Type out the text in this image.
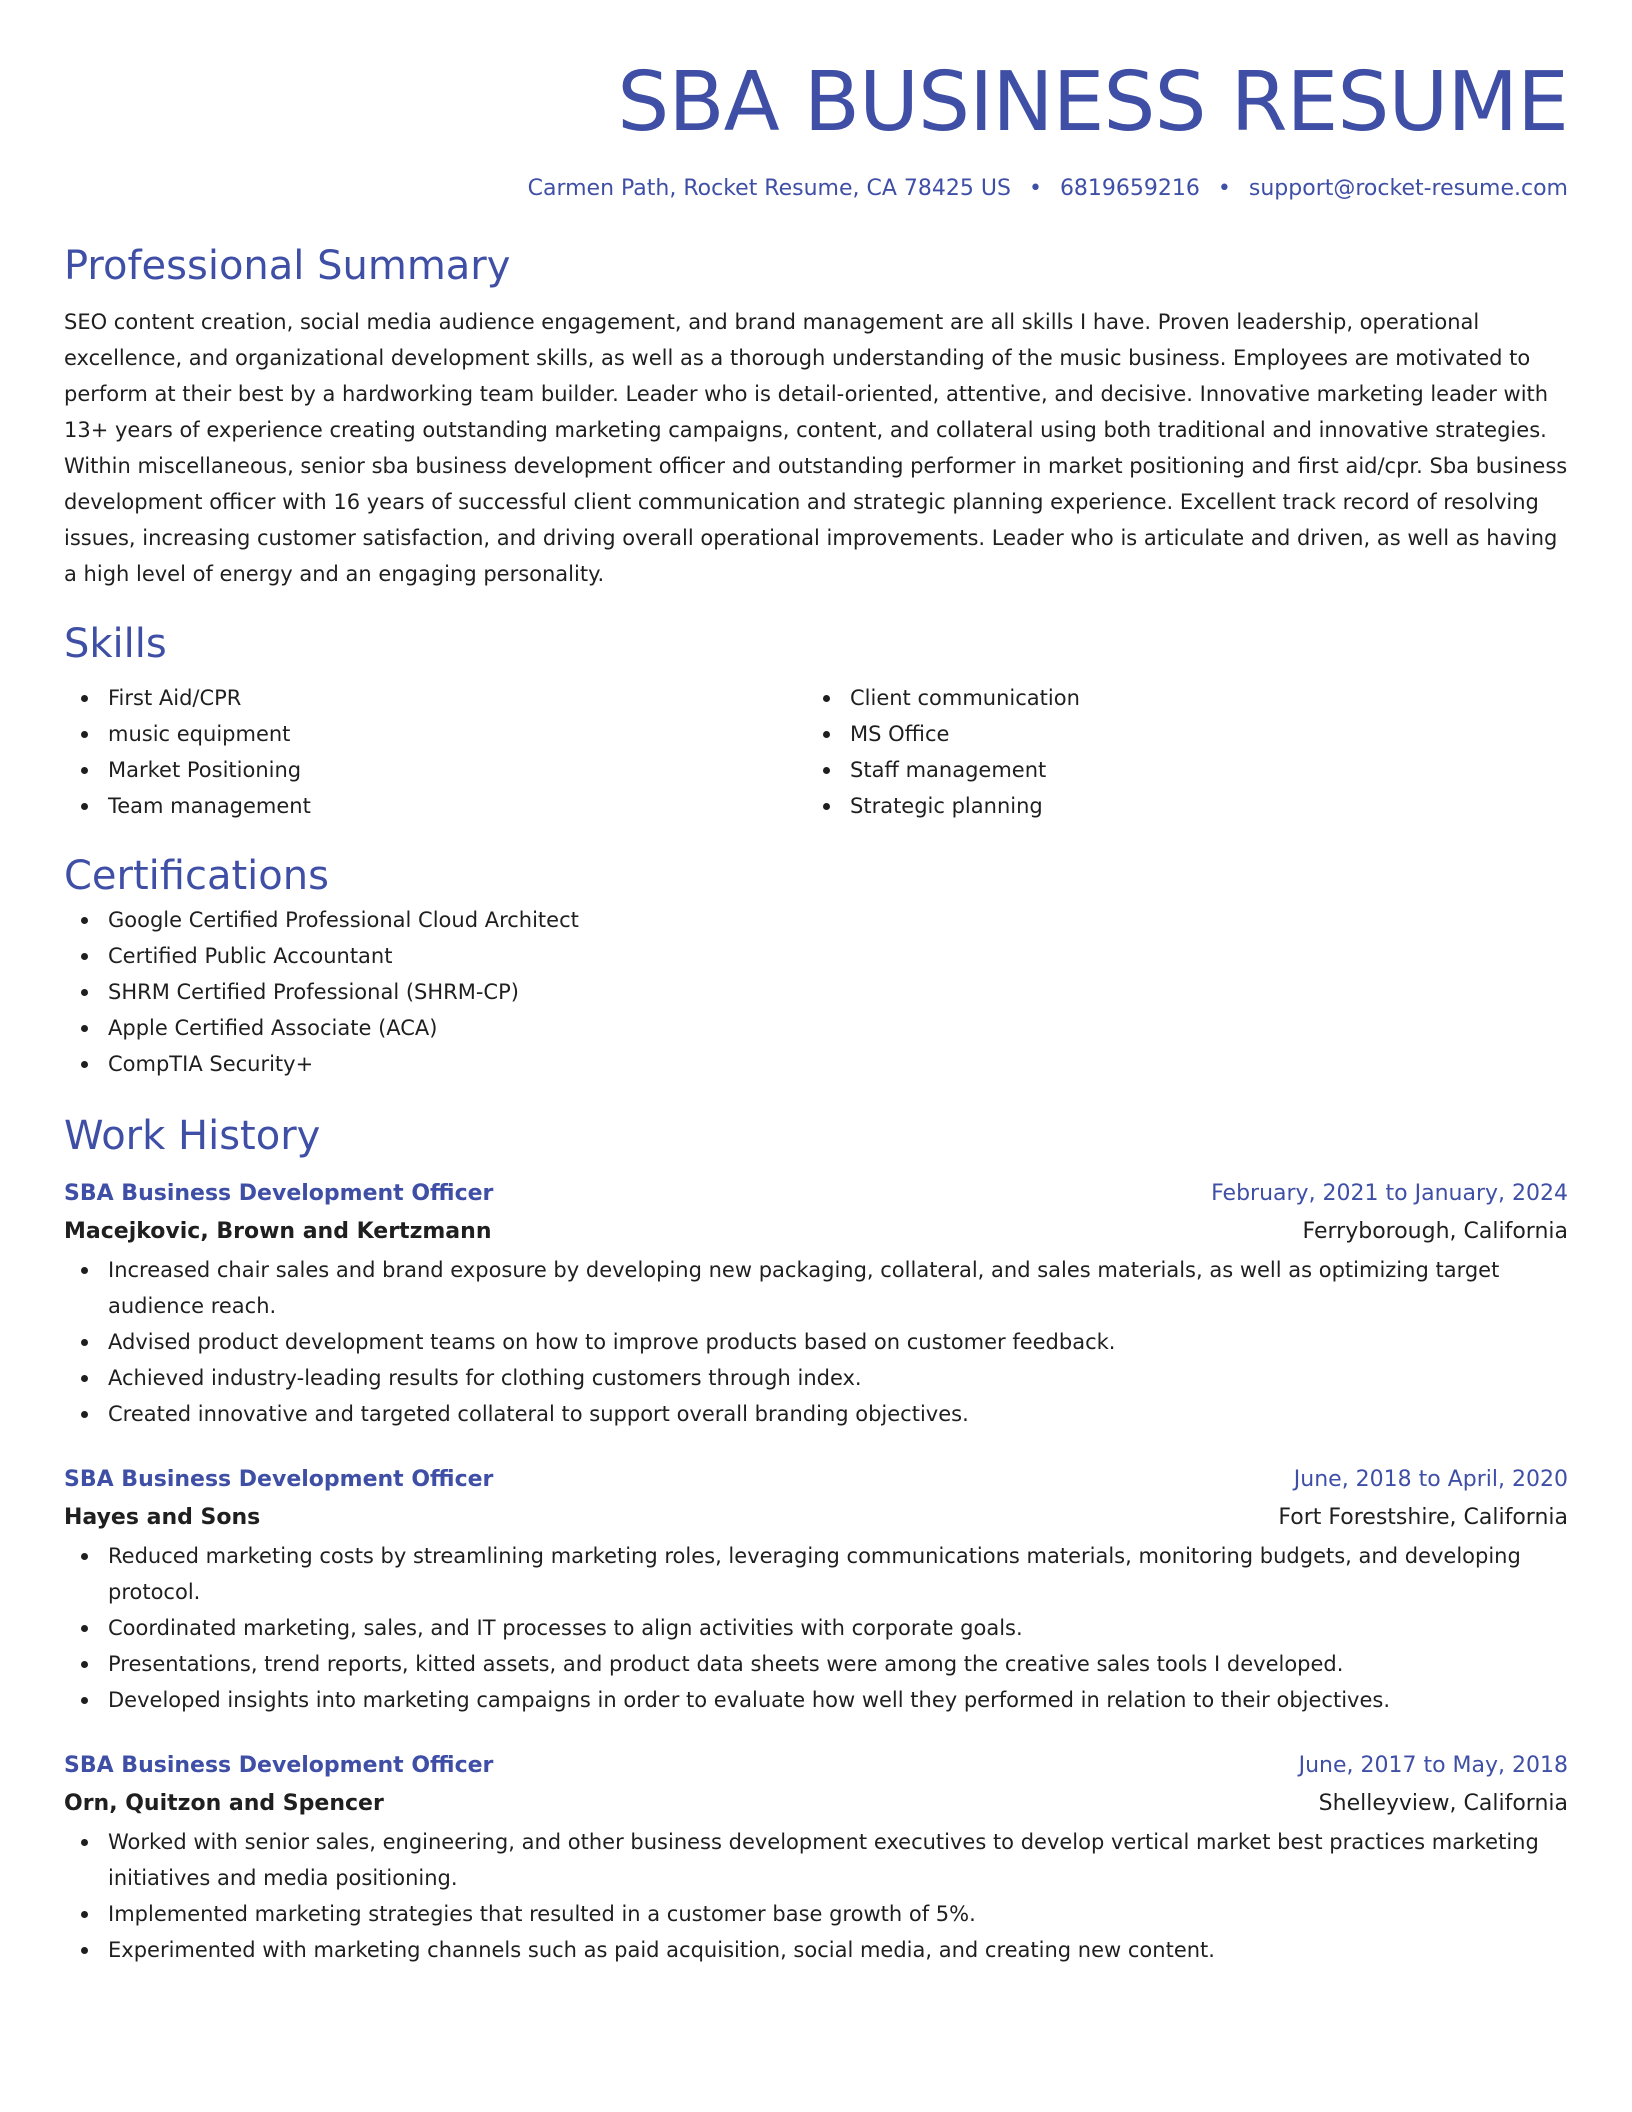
SBA BUSINESS RESUME
Carmen Path, Rocket Resume, CA 78425 US • 6819659216 • support@rocket-resume.com
Professional Summary
SEO content creation, social media audience engagement, and brand management are all skills I have. Proven leadership, operational excellence, and organizational development skills, as well as a thorough understanding of the music business. Employees are motivated to perform at their best by a hardworking team builder. Leader who is detail-oriented, attentive, and decisive. Innovative marketing leader with 13+ years of experience creating outstanding marketing campaigns, content, and collateral using both traditional and innovative strategies. Within miscellaneous, senior sba business development officer and outstanding performer in market positioning and first aid/cpr. Sba business development officer with 16 years of successful client communication and strategic planning experience. Excellent track record of resolving issues, increasing customer satisfaction, and driving overall operational improvements. Leader who is articulate and driven, as well as having a high level of energy and an engaging personality.
Skills
First Aid/CPR
music equipment
Market Positioning
Team management
Client communication
MS Office
Staff management
Strategic planning
Certifications
Google Certified Professional Cloud Architect
Certified Public Accountant
SHRM Certified Professional (SHRM-CP)
Apple Certified Associate (ACA)
CompTIA Security+
Work History
SBA Business Development Officer	February, 2021 to January, 2024
Macejkovic, Brown and Kertzmann	Ferryborough, California
Increased chair sales and brand exposure by developing new packaging, collateral, and sales materials, as well as optimizing target audience reach.
Advised product development teams on how to improve products based on customer feedback.
Achieved industry-leading results for clothing customers through index.
Created innovative and targeted collateral to support overall branding objectives.
SBA Business Development Officer	June, 2018 to April, 2020
Hayes and Sons	Fort Forestshire, California
Reduced marketing costs by streamlining marketing roles, leveraging communications materials, monitoring budgets, and developing protocol.
Coordinated marketing, sales, and IT processes to align activities with corporate goals.
Presentations, trend reports, kitted assets, and product data sheets were among the creative sales tools I developed.
Developed insights into marketing campaigns in order to evaluate how well they performed in relation to their objectives.
SBA Business Development Officer	June, 2017 to May, 2018
Orn, Quitzon and Spencer	Shelleyview, California
Worked with senior sales, engineering, and other business development executives to develop vertical market best practices marketing initiatives and media positioning.
Implemented marketing strategies that resulted in a customer base growth of 5%.
Experimented with marketing channels such as paid acquisition, social media, and creating new content.
